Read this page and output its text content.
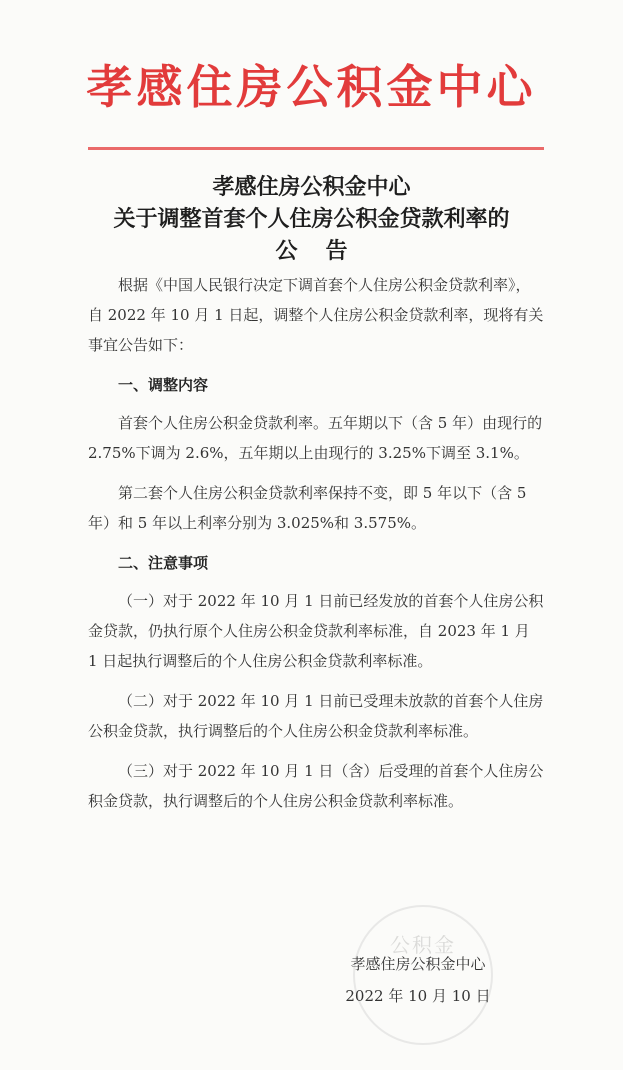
孝感住房公积金中心
孝感住房公积金中心
关于调整首套个人住房公积金贷款利率的
公告

根据《中国人民银行决定下调首套个人住房公积金贷款利率》，自 2022 年 10 月 1 日起，调整个人住房公积金贷款利率，现将有关事宜公告如下：

一、调整内容

首套个人住房公积金贷款利率。五年期以下（含 5 年）由现行的 2.75%下调为 2.6%，五年期以上由现行的 3.25%下调至 3.1%。

第二套个人住房公积金贷款利率保持不变，即 5 年以下（含 5 年）和 5 年以上利率分别为 3.025%和 3.575%。

二、注意事项

（一）对于 2022 年 10 月 1 日前已经发放的首套个人住房公积金贷款，仍执行原个人住房公积金贷款利率标准，自 2023 年 1 月 1 日起执行调整后的个人住房公积金贷款利率标准。

（二）对于 2022 年 10 月 1 日前已受理未放款的首套个人住房公积金贷款，执行调整后的个人住房公积金贷款利率标准。

（三）对于 2022 年 10 月 1 日（含）后受理的首套个人住房公积金贷款，执行调整后的个人住房公积金贷款利率标准。

公积金
孝感住房公积金中心
2022 年 10 月 10 日
